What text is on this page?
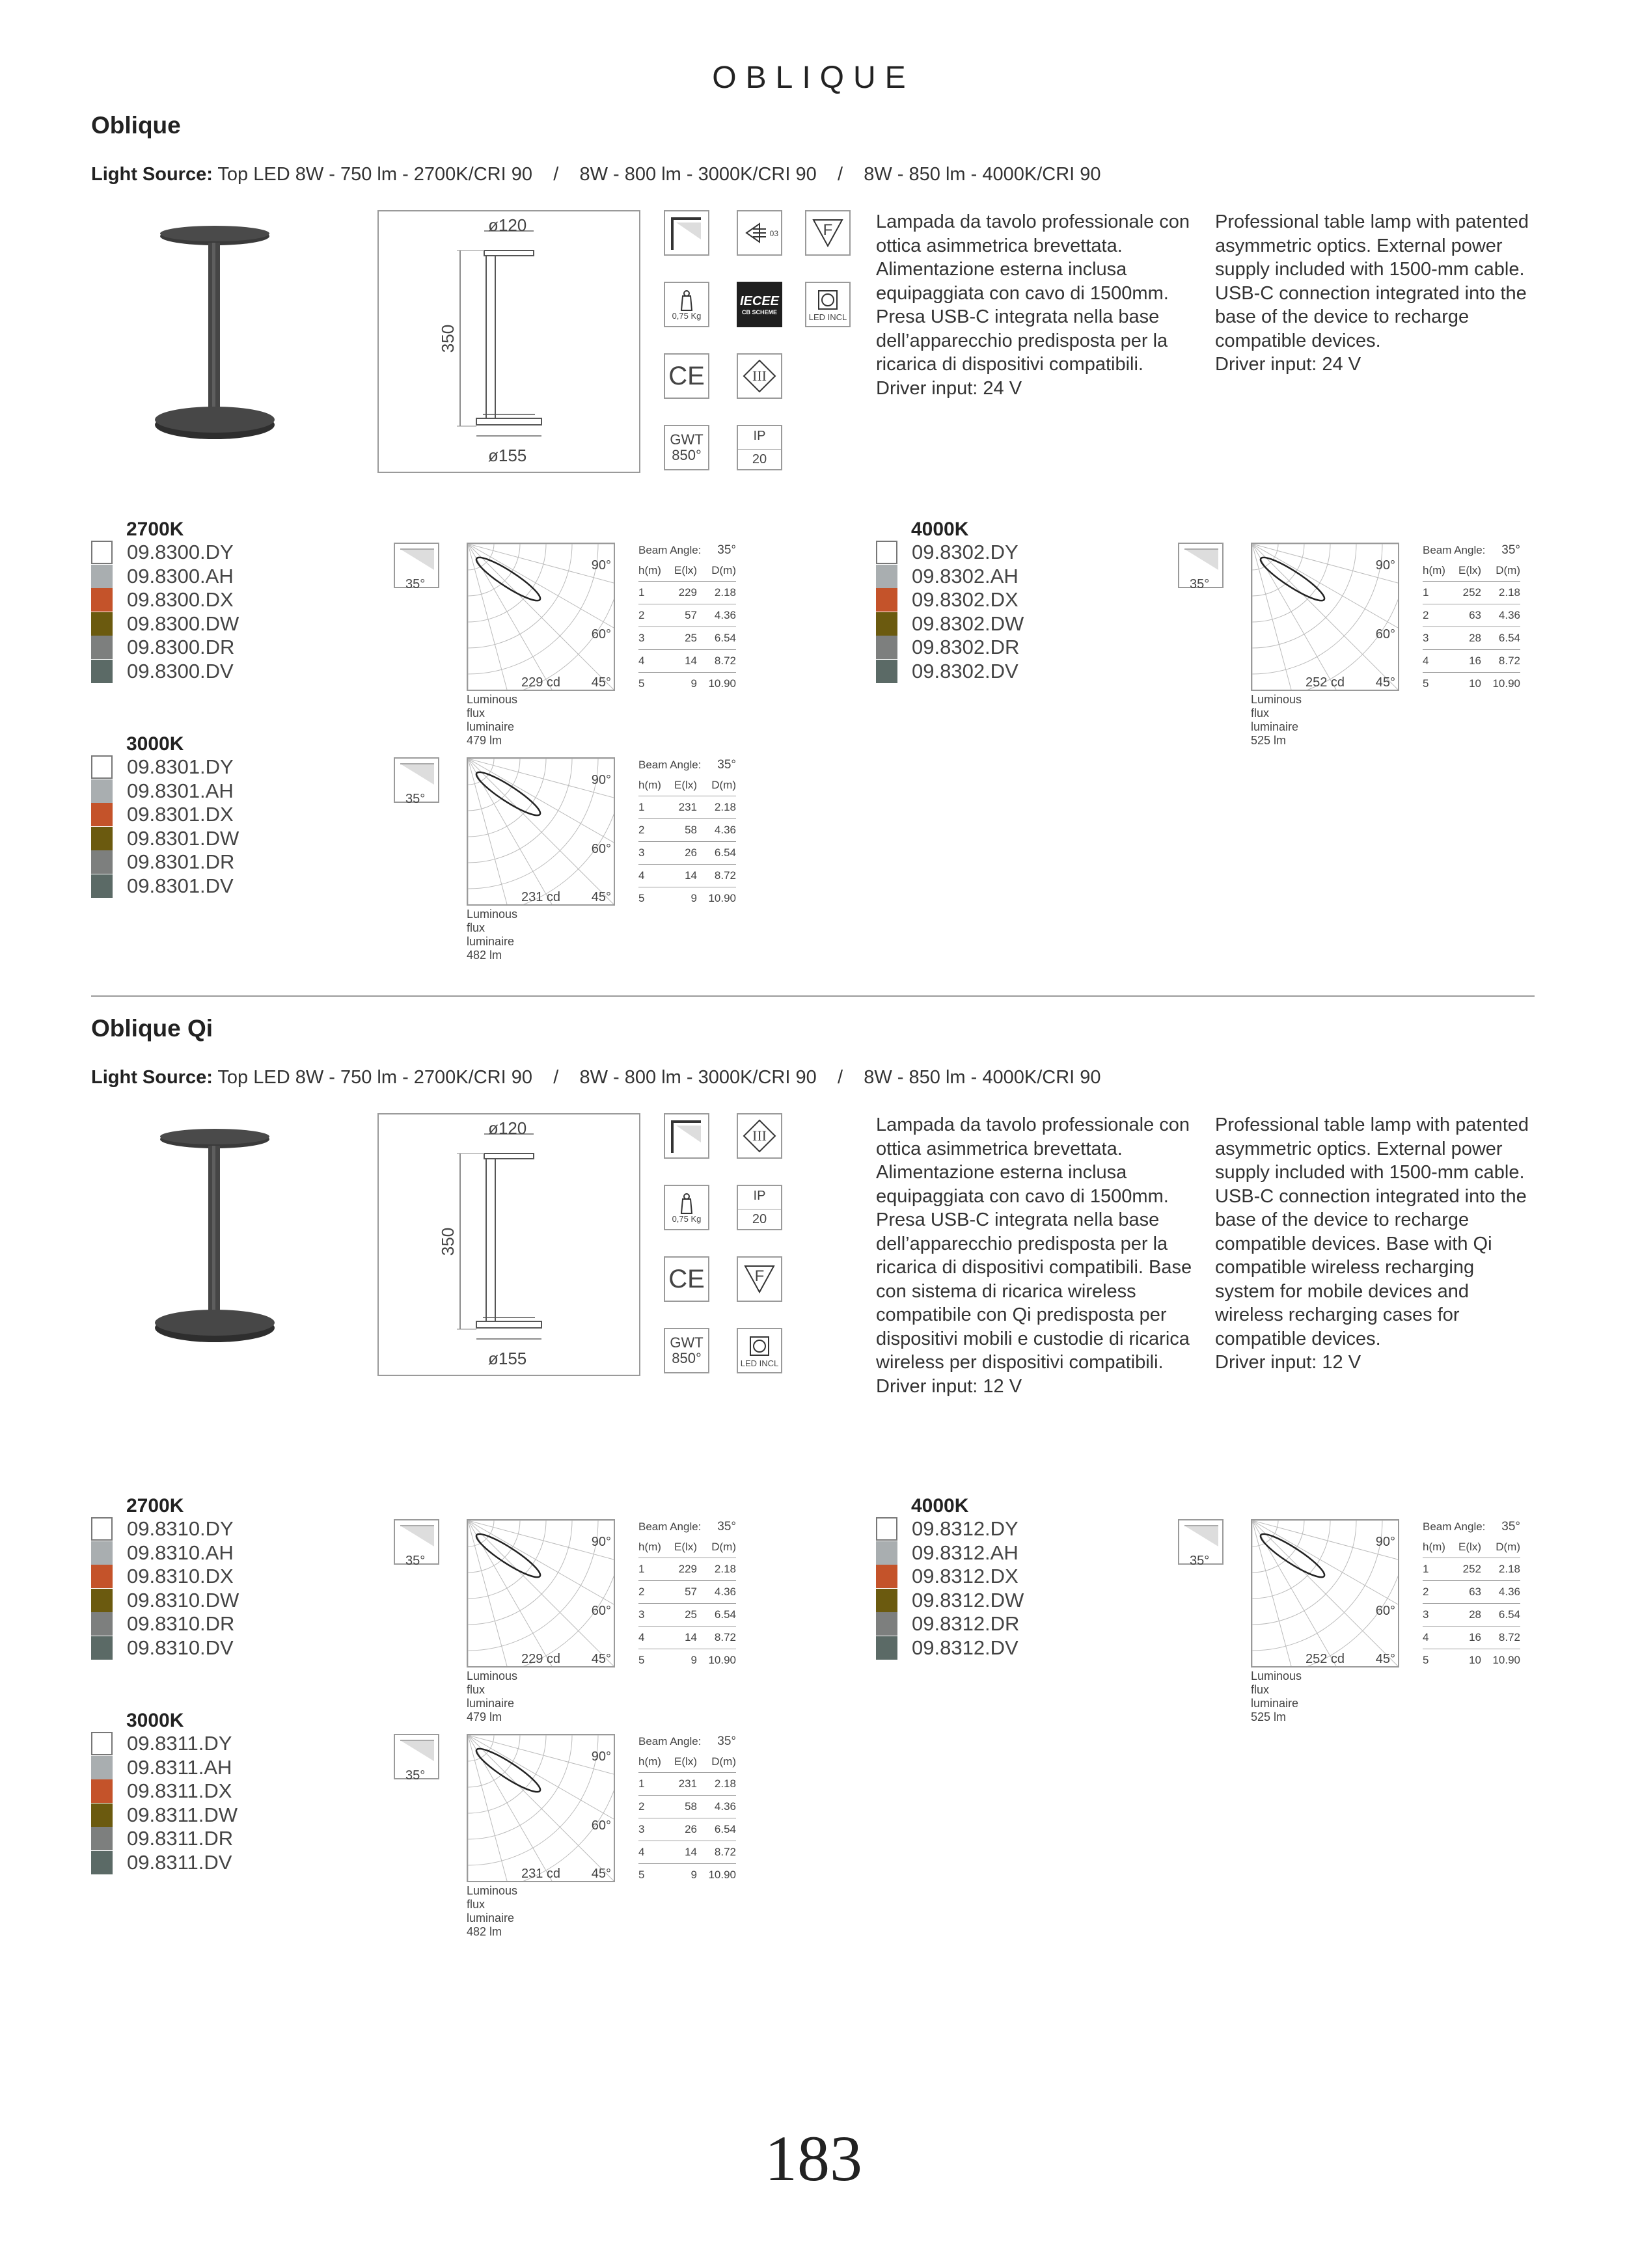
OBLIQUE
Oblique
Light Source: Top LED 8W - 750 lm - 2700K/CRI 90    /    8W - 800 lm - 3000K/CRI 90    /    8W - 850 lm - 4000K/CRI 90
ø120
350
ø155
03	F
0,75 Kg
IECEE
CB SCHEME
LED INCL
CE	III
GWT
850°
IP
20
Lampada da tavolo professionale con ottica asimmetrica brevettata. Alimentazione esterna inclusa equipaggiata con cavo di 1500mm. Presa USB-C integrata nella base dell’apparecchio predisposta per la ricarica di dispositivi compatibili.
Driver input: 24 V
Professional table lamp with patented asymmetric optics. External power supply included with 1500-mm cable. USB-C connection integrated into the base of the device to recharge compatible devices.
Driver input: 24 V
Oblique Qi
Light Source: Top LED 8W - 750 lm - 2700K/CRI 90    /    8W - 800 lm - 3000K/CRI 90    /    8W - 850 lm - 4000K/CRI 90
ø120
350
ø155
III
0,75 Kg
IP
20
CE	F
GWT
850°	LED INCL
Lampada da tavolo professionale con ottica asimmetrica brevettata. Alimentazione esterna inclusa equipaggiata con cavo di 1500mm. Presa USB-C integrata nella base dell’apparecchio predisposta per la ricarica di dispositivi compatibili. Base con sistema di ricarica wireless compatibile con Qi predisposta per dispositivi mobili e custodie di ricarica wireless per dispositivi compatibili.
Driver input: 12 V
Professional table lamp with patented asymmetric optics. External power supply included with 1500-mm cable. USB-C connection integrated into the base of the device to recharge compatible devices. Base with Qi compatible wireless recharging system for mobile devices and wireless recharging cases for compatible devices.
Driver input: 12 V
183
2700K
09.8300.DY
09.8300.AH
09.8300.DX
09.8300.DW
09.8300.DR
09.8300.DV
35°
90°
60°
45°
229 cd
Luminous flux luminaire
479 lm
Beam Angle: 35°
h(m)	E(lx)	D(m)
1	229	2.18
2	57	4.36
3	25	6.54
4	14	8.72
5	9	10.90
3000K
09.8301.DY
09.8301.AH
09.8301.DX
09.8301.DW
09.8301.DR
09.8301.DV
35°
90°
60°
45°
231 cd
Luminous flux luminaire
482 lm
Beam Angle: 35°
h(m)	E(lx)	D(m)
1	231	2.18
2	58	4.36
3	26	6.54
4	14	8.72
5	9	10.90
4000K
09.8302.DY
09.8302.AH
09.8302.DX
09.8302.DW
09.8302.DR
09.8302.DV
35°
90°
60°
45°
252 cd
Luminous flux luminaire
525 lm
Beam Angle: 35°
h(m)	E(lx)	D(m)
1	252	2.18
2	63	4.36
3	28	6.54
4	16	8.72
5	10	10.90
2700K
09.8310.DY
09.8310.AH
09.8310.DX
09.8310.DW
09.8310.DR
09.8310.DV
35°
90°
60°
45°
229 cd
Luminous flux luminaire
479 lm
Beam Angle: 35°
h(m)	E(lx)	D(m)
1	229	2.18
2	57	4.36
3	25	6.54
4	14	8.72
5	9	10.90
3000K
09.8311.DY
09.8311.AH
09.8311.DX
09.8311.DW
09.8311.DR
09.8311.DV
35°
90°
60°
45°
231 cd
Luminous flux luminaire
482 lm
Beam Angle: 35°
h(m)	E(lx)	D(m)
1	231	2.18
2	58	4.36
3	26	6.54
4	14	8.72
5	9	10.90
4000K
09.8312.DY
09.8312.AH
09.8312.DX
09.8312.DW
09.8312.DR
09.8312.DV
35°
90°
60°
45°
252 cd
Luminous flux luminaire
525 lm
Beam Angle: 35°
h(m)	E(lx)	D(m)
1	252	2.18
2	63	4.36
3	28	6.54
4	16	8.72
5	10	10.90
